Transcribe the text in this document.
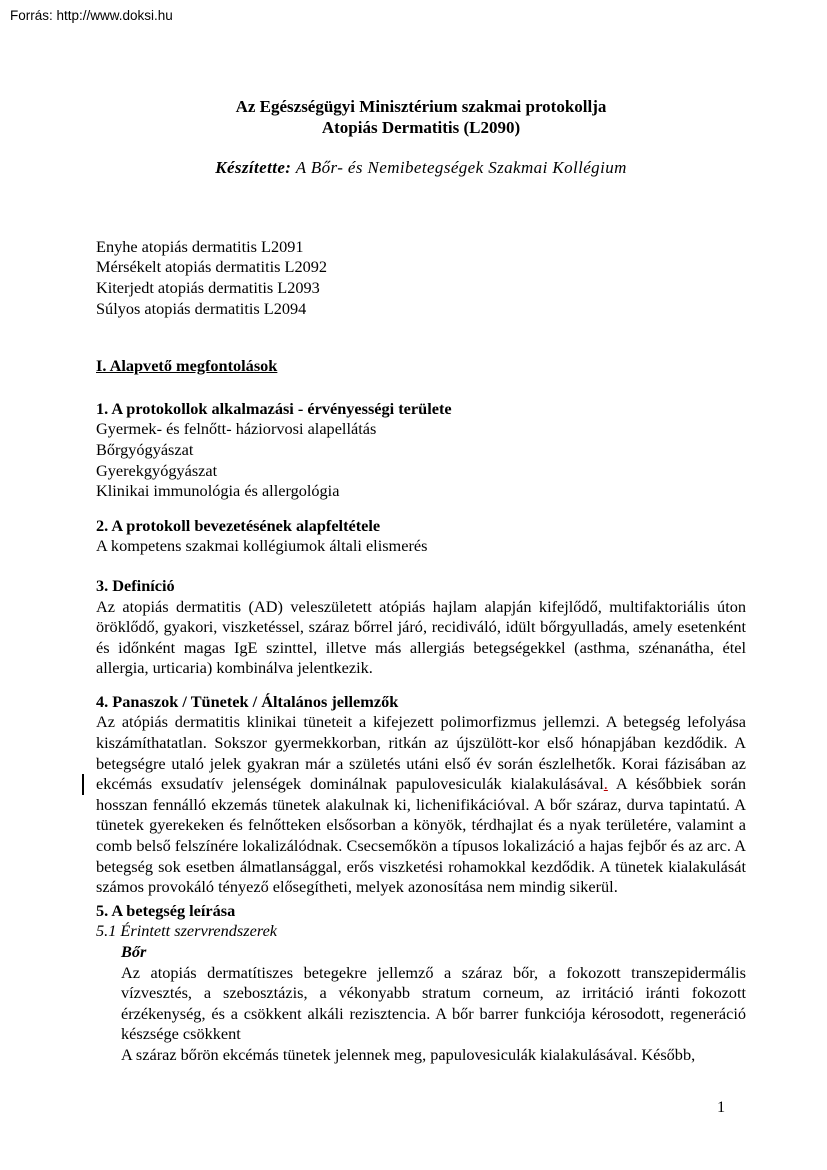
Forrás: http://www.doksi.hu
Az Egészségügyi Minisztérium szakmai protokollja
Atopiás Dermatitis (L2090)
Készítette: A Bőr- és Nemibetegségek Szakmai Kollégium
Enyhe atopiás dermatitis L2091
Mérsékelt atopiás dermatitis L2092
Kiterjedt atopiás dermatitis L2093
Súlyos atopiás dermatitis L2094
I. Alapvető megfontolások
1. A protokollok alkalmazási - érvényességi területe
Gyermek- és felnőtt- háziorvosi alapellátás
Bőrgyógyászat
Gyerekgyógyászat
Klinikai immunológia és allergológia
2. A protokoll bevezetésének alapfeltétele
A kompetens szakmai kollégiumok általi elismerés
3. Definíció
Az atopiás dermatitis (AD) veleszületett atópiás hajlam alapján kifejlődő, multifaktoriális úton öröklődő, gyakori, viszketéssel, száraz bőrrel járó, recidiváló, idült bőrgyulladás, amely esetenként és időnként magas IgE szinttel, illetve más allergiás betegségekkel (asthma, szénanátha, étel allergia, urticaria) kombinálva jelentkezik.
4. Panaszok / Tünetek / Általános jellemzők
Az atópiás dermatitis klinikai tüneteit a kifejezett polimorfizmus jellemzi. A betegség lefolyása kiszámíthatatlan. Sokszor gyermekkorban, ritkán az újszülött-kor első hónapjában kezdődik. A betegségre utaló jelek gyakran már a születés utáni első év során észlelhetők. Korai fázisában az ekcémás exsudatív jelenségek dominálnak papulovesiculák kialakulásával. A későbbiek során hosszan fennálló ekzemás tünetek alakulnak ki, lichenifikációval. A bőr száraz, durva tapintatú. A tünetek gyerekeken és felnőtteken elsősorban a könyök, térdhajlat és a nyak területére, valamint a comb belső felszínére lokalizálódnak. Csecsemőkön a típusos lokalizáció a hajas fejbőr és az arc. A betegség sok esetben álmatlansággal, erős viszketési rohamokkal kezdődik. A tünetek kialakulását számos provokáló tényező elősegítheti, melyek azonosítása nem mindig sikerül.
5. A betegség leírása
5.1 Érintett szervrendszerek
Bőr
Az atopiás dermatítiszes betegekre jellemző a száraz bőr, a fokozott transzepidermális vízvesztés, a szebosztázis, a vékonyabb stratum corneum, az irritáció iránti fokozott érzékenység, és a csökkent alkáli rezisztencia. A bőr barrer funkciója kérosodott, regeneráció készsége csökkent
A száraz bőrön ekcémás tünetek jelennek meg, papulovesiculák kialakulásával. Később,
1
